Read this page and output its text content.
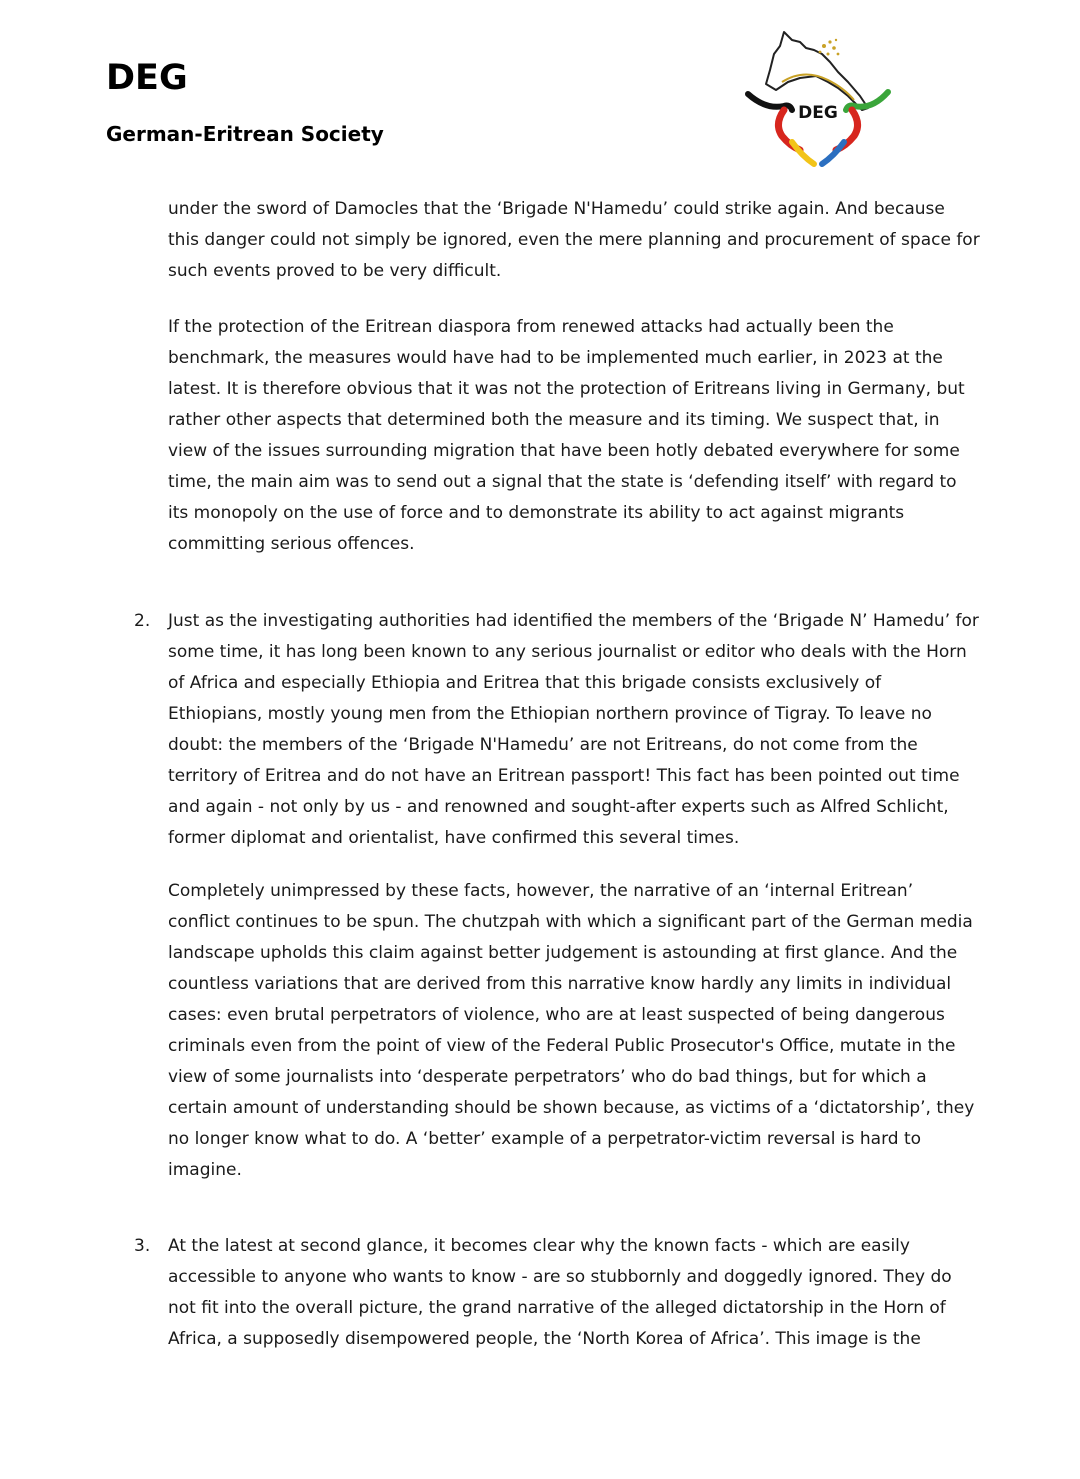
DEG
German-Eritrean Society
DEG

under the sword of Damocles that the ‘Brigade N'Hamedu’ could strike again. And because this danger could not simply be ignored, even the mere planning and procurement of space for such events proved to be very difficult.

If the protection of the Eritrean diaspora from renewed attacks had actually been the benchmark, the measures would have had to be implemented much earlier, in 2023 at the latest. It is therefore obvious that it was not the protection of Eritreans living in Germany, but rather other aspects that determined both the measure and its timing. We suspect that, in view of the issues surrounding migration that have been hotly debated everywhere for some time, the main aim was to send out a signal that the state is ‘defending itself’ with regard to its monopoly on the use of force and to demonstrate its ability to act against migrants committing serious offences.

2. Just as the investigating authorities had identified the members of the ‘Brigade N’ Hamedu’ for some time, it has long been known to any serious journalist or editor who deals with the Horn of Africa and especially Ethiopia and Eritrea that this brigade consists exclusively of Ethiopians, mostly young men from the Ethiopian northern province of Tigray. To leave no doubt: the members of the ‘Brigade N'Hamedu’ are not Eritreans, do not come from the territory of Eritrea and do not have an Eritrean passport! This fact has been pointed out time and again - not only by us - and renowned and sought-after experts such as Alfred Schlicht, former diplomat and orientalist, have confirmed this several times.

Completely unimpressed by these facts, however, the narrative of an ‘internal Eritrean’ conflict continues to be spun. The chutzpah with which a significant part of the German media landscape upholds this claim against better judgement is astounding at first glance. And the countless variations that are derived from this narrative know hardly any limits in individual cases: even brutal perpetrators of violence, who are at least suspected of being dangerous criminals even from the point of view of the Federal Public Prosecutor's Office, mutate in the view of some journalists into ‘desperate perpetrators’ who do bad things, but for which a certain amount of understanding should be shown because, as victims of a ‘dictatorship’, they no longer know what to do. A ‘better’ example of a perpetrator-victim reversal is hard to imagine.

3. At the latest at second glance, it becomes clear why the known facts - which are easily accessible to anyone who wants to know - are so stubbornly and doggedly ignored. They do not fit into the overall picture, the grand narrative of the alleged dictatorship in the Horn of Africa, a supposedly disempowered people, the ‘North Korea of Africa’. This image is the
